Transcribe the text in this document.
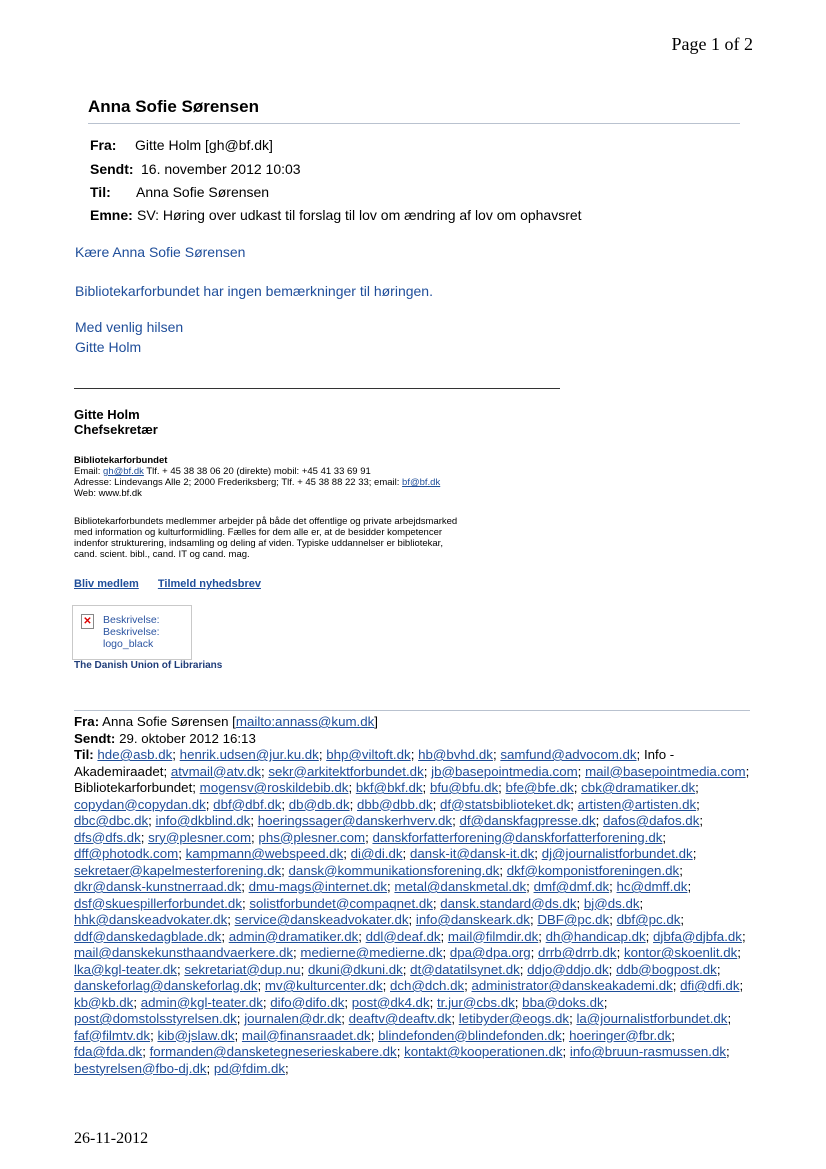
Page 1 of 2
Anna Sofie Sørensen
Fra: Gitte Holm [gh@bf.dk]
Sendt: 16. november 2012 10:03
Til: Anna Sofie Sørensen
Emne: SV: Høring over udkast til forslag til lov om ændring af lov om ophavsret
Kære Anna Sofie Sørensen
Bibliotekarforbundet har ingen bemærkninger til høringen.
Med venlig hilsen
Gitte Holm
Gitte Holm
Chefsekretær
Bibliotekarforbundet
Email: gh@bf.dk Tlf. + 45 38 38 06 20 (direkte) mobil: +45 41 33 69 91
Adresse: Lindevangs Alle 2; 2000 Frederiksberg; Tlf. + 45 38 88 22 33; email: bf@bf.dk
Web: www.bf.dk
Bibliotekarforbundets medlemmer arbejder på både det offentlige og private arbejdsmarked
med information og kulturformidling. Fælles for dem alle er, at de besidder kompetencer
indenfor strukturering, indsamling og deling af viden. Typiske uddannelser er bibliotekar,
cand. scient. bibl., cand. IT og cand. mag.
Bliv medlem Tilmeld nyhedsbrev
✕ Beskrivelse:
Beskrivelse:
logo_black
The Danish Union of Librarians
Fra: Anna Sofie Sørensen [mailto:annass@kum.dk]
Sendt: 29. oktober 2012 16:13
Til: hde@asb.dk; henrik.udsen@jur.ku.dk; bhp@viltoft.dk; hb@bvhd.dk; samfund@advocom.dk; Info - Akademiraadet; atvmail@atv.dk; sekr@arkitektforbundet.dk; jb@basepointmedia.com; mail@basepointmedia.com; Bibliotekarforbundet; mogensv@roskildebib.dk; bkf@bkf.dk; bfu@bfu.dk; bfe@bfe.dk; cbk@dramatiker.dk; copydan@copydan.dk; dbf@dbf.dk; db@db.dk; dbb@dbb.dk; df@statsbiblioteket.dk; artisten@artisten.dk; dbc@dbc.dk; info@dkblind.dk; hoeringssager@danskerhverv.dk; df@danskfagpresse.dk; dafos@dafos.dk; dfs@dfs.dk; sry@plesner.com; phs@plesner.com; danskforfatterforening@danskforfatterforening.dk; dff@photodk.com; kampmann@webspeed.dk; di@di.dk; dansk-it@dansk-it.dk; dj@journalistforbundet.dk; sekretaer@kapelmesterforening.dk; dansk@kommunikationsforening.dk; dkf@komponistforeningen.dk; dkr@dansk-kunstnerraad.dk; dmu-mags@internet.dk; metal@danskmetal.dk; dmf@dmf.dk; hc@dmff.dk; dsf@skuespillerforbundet.dk; solistforbundet@compaqnet.dk; dansk.standard@ds.dk; bj@ds.dk; hhk@danskeadvokater.dk; service@danskeadvokater.dk; info@danskeark.dk; DBF@pc.dk; dbf@pc.dk; ddf@danskedagblade.dk; admin@dramatiker.dk; ddl@deaf.dk; mail@filmdir.dk; dh@handicap.dk; djbfa@djbfa.dk; mail@danskekunsthaandvaerkere.dk; medierne@medierne.dk; dpa@dpa.org; drrb@drrb.dk; kontor@skoenlit.dk; lka@kgl-teater.dk; sekretariat@dup.nu; dkuni@dkuni.dk; dt@datatilsynet.dk; ddjo@ddjo.dk; ddb@bogpost.dk; danskeforlag@danskeforlag.dk; mv@kulturcenter.dk; dch@dch.dk; administrator@danskeakademi.dk; dfi@dfi.dk; kb@kb.dk; admin@kgl-teater.dk; difo@difo.dk; post@dk4.dk; tr.jur@cbs.dk; bba@doks.dk; post@domstolsstyrelsen.dk; journalen@dr.dk; deaftv@deaftv.dk; letibyder@eogs.dk; la@journalistforbundet.dk; faf@filmtv.dk; kib@jslaw.dk; mail@finansraadet.dk; blindefonden@blindefonden.dk; hoeringer@fbr.dk; fda@fda.dk; formanden@dansketegneserieskabere.dk; kontakt@kooperationen.dk; info@bruun-rasmussen.dk; bestyrelsen@fbo-dj.dk; pd@fdim.dk;
26-11-2012
